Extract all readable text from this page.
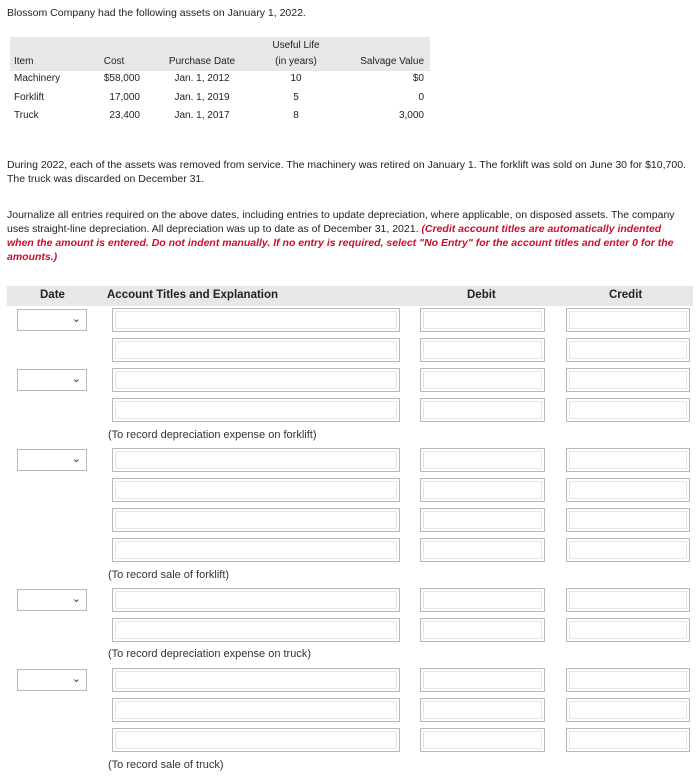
Blossom Company had the following assets on January 1, 2022.
Useful Life
Item	Cost	Purchase Date	(in years)	Salvage Value
Machinery	$58,000	Jan. 1, 2012	10	$0
Forklift	17,000	Jan. 1, 2019	5	0
Truck	23,400	Jan. 1, 2017	8	3,000
During 2022, each of the assets was removed from service. The machinery was retired on January 1. The forklift was sold on June 30 for $10,700. The truck was discarded on December 31.
Journalize all entries required on the above dates, including entries to update depreciation, where applicable, on disposed assets. The company uses straight-line depreciation. All depreciation was up to date as of December 31, 2021. (Credit account titles are automatically indented when the amount is entered. Do not indent manually. If no entry is required, select "No Entry" for the account titles and enter 0 for the amounts.)
Date	Account Titles and Explanation	Debit	Credit
⌄
⌄
(To record depreciation expense on forklift)
⌄
(To record sale of forklift)
⌄
(To record depreciation expense on truck)
⌄
(To record sale of truck)
